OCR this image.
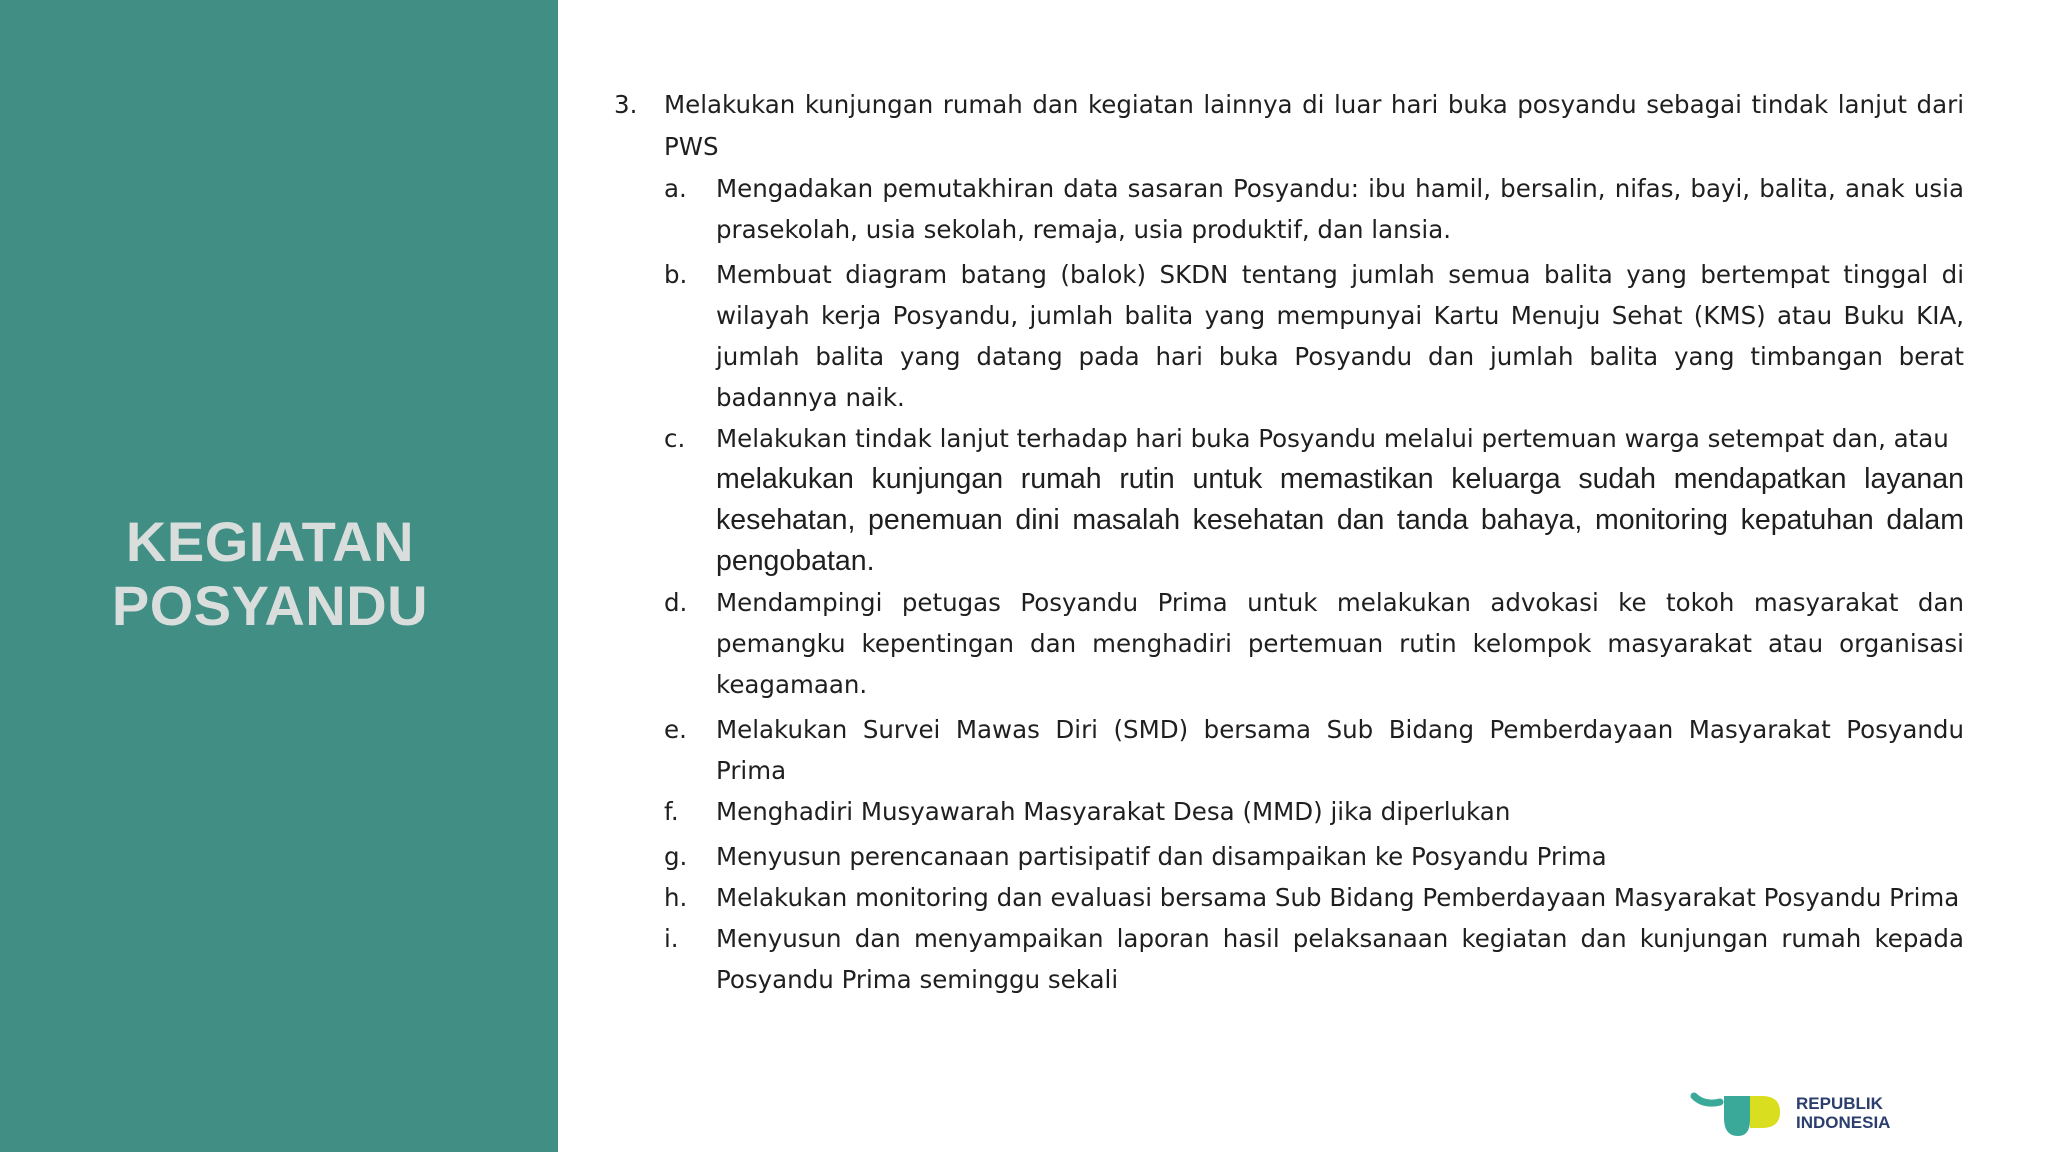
KEGIATAN
POSYANDU
3. Melakukan kunjungan rumah dan kegiatan lainnya di luar hari buka posyandu sebagai tindak lanjut dari PWS
a. Mengadakan pemutakhiran data sasaran Posyandu: ibu hamil, bersalin, nifas, bayi, balita, anak usia prasekolah, usia sekolah, remaja, usia produktif, dan lansia.
b. Membuat diagram batang (balok) SKDN tentang jumlah semua balita yang bertempat tinggal di wilayah kerja Posyandu, jumlah balita yang mempunyai Kartu Menuju Sehat (KMS) atau Buku KIA, jumlah balita yang datang pada hari buka Posyandu dan jumlah balita yang timbangan berat badannya naik.
c. Melakukan tindak lanjut terhadap hari buka Posyandu melalui pertemuan warga setempat dan, atau
melakukan kunjungan rumah rutin untuk memastikan keluarga sudah mendapatkan layanan kesehatan, penemuan dini masalah kesehatan dan tanda bahaya, monitoring kepatuhan dalam pengobatan.
d. Mendampingi petugas Posyandu Prima untuk melakukan advokasi ke tokoh masyarakat dan pemangku kepentingan dan menghadiri pertemuan rutin kelompok masyarakat atau organisasi keagamaan.
e. Melakukan Survei Mawas Diri (SMD) bersama Sub Bidang Pemberdayaan Masyarakat Posyandu Prima
f. Menghadiri Musyawarah Masyarakat Desa (MMD) jika diperlukan
g. Menyusun perencanaan partisipatif dan disampaikan ke Posyandu Prima
h. Melakukan monitoring dan evaluasi bersama Sub Bidang Pemberdayaan Masyarakat Posyandu Prima
i. Menyusun dan menyampaikan laporan hasil pelaksanaan kegiatan dan kunjungan rumah kepada Posyandu Prima seminggu sekali
REPUBLIK
INDONESIA
